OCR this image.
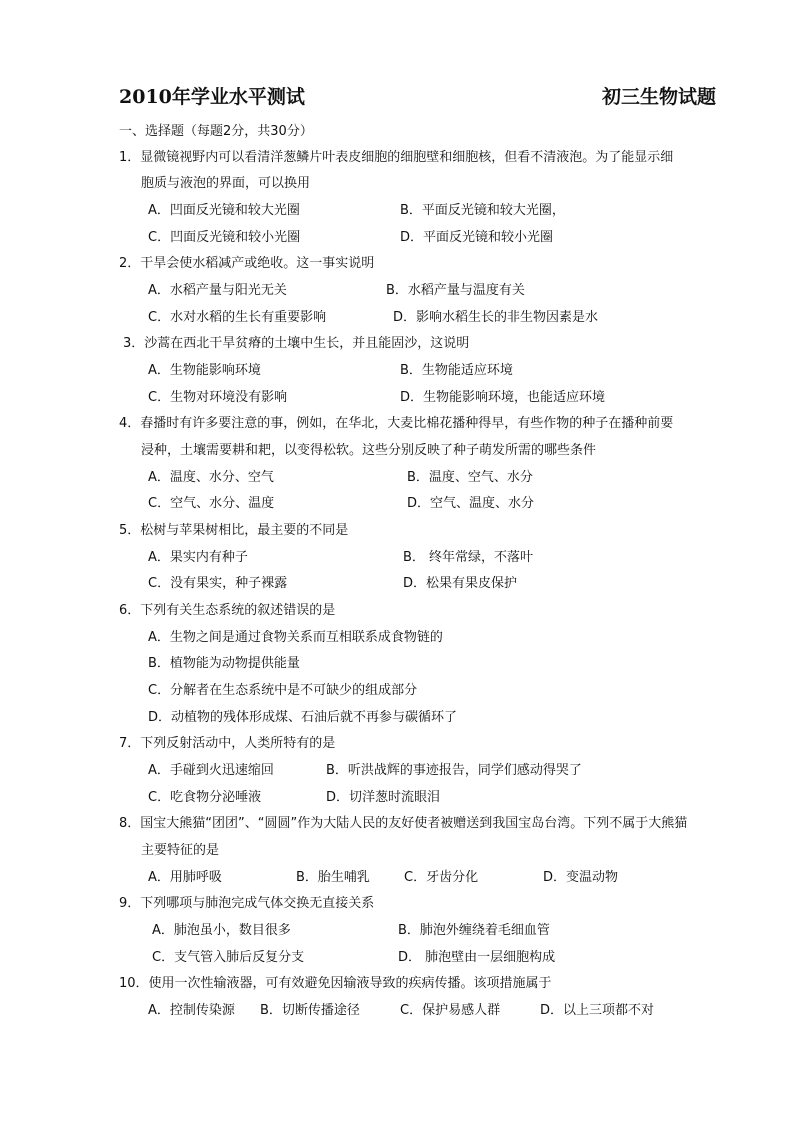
2010年学业水平测试	初三生物试题
一、选择题（每题2分，共30分）
1．显微镜视野内可以看清洋葱鳞片叶表皮细胞的细胞壁和细胞核，但看不清液泡。为了能显示细
胞质与液泡的界面，可以换用
A．凹面反光镜和较大光圈	B．平面反光镜和较大光圈，
C．凹面反光镜和较小光圈	D．平面反光镜和较小光圈
2．干旱会使水稻减产或绝收。这一事实说明
A．水稻产量与阳光无关	B．水稻产量与温度有关
C．水对水稻的生长有重要影响	D．影响水稻生长的非生物因素是水
3．沙蒿在西北干旱贫瘠的土壤中生长，并且能固沙，这说明
A．生物能影响环境	B．生物能适应环境
C．生物对环境没有影响	D．生物能影响环境，也能适应环境
4．春播时有许多要注意的事，例如，在华北，大麦比棉花播种得早，有些作物的种子在播种前要
浸种，土壤需要耕和耙，以变得松软。这些分别反映了种子萌发所需的哪些条件
A．温度、水分、空气	B．温度、空气、水分
C．空气、水分、温度	D．空气、温度、水分
5．松树与苹果树相比，最主要的不同是
A．果实内有种子	B． 终年常绿，不落叶
C．没有果实，种子裸露	D．松果有果皮保护
6．下列有关生态系统的叙述错误的是
A．生物之间是通过食物关系而互相联系成食物链的
B．植物能为动物提供能量
C．分解者在生态系统中是不可缺少的组成部分
D．动植物的残体形成煤、石油后就不再参与碳循环了
7．下列反射活动中，人类所特有的是
A．手碰到火迅速缩回	B．听洪战辉的事迹报告，同学们感动得哭了
C．吃食物分泌唾液	D．切洋葱时流眼泪
8．国宝大熊猫“团团”、“圆圆”作为大陆人民的友好使者被赠送到我国宝岛台湾。下列不属于大熊猫
主要特征的是
A．用肺呼吸	B．胎生哺乳	C．牙齿分化	D．变温动物
9．下列哪项与肺泡完成气体交换无直接关系
A．肺泡虽小，数目很多	B．肺泡外缠绕着毛细血管
C．支气管入肺后反复分支	D． 肺泡壁由一层细胞构成
10．使用一次性输液器，可有效避免因输液导致的疾病传播。该项措施属于
A．控制传染源 B．切断传播途径	C．保护易感人群	D．以上三项都不对
